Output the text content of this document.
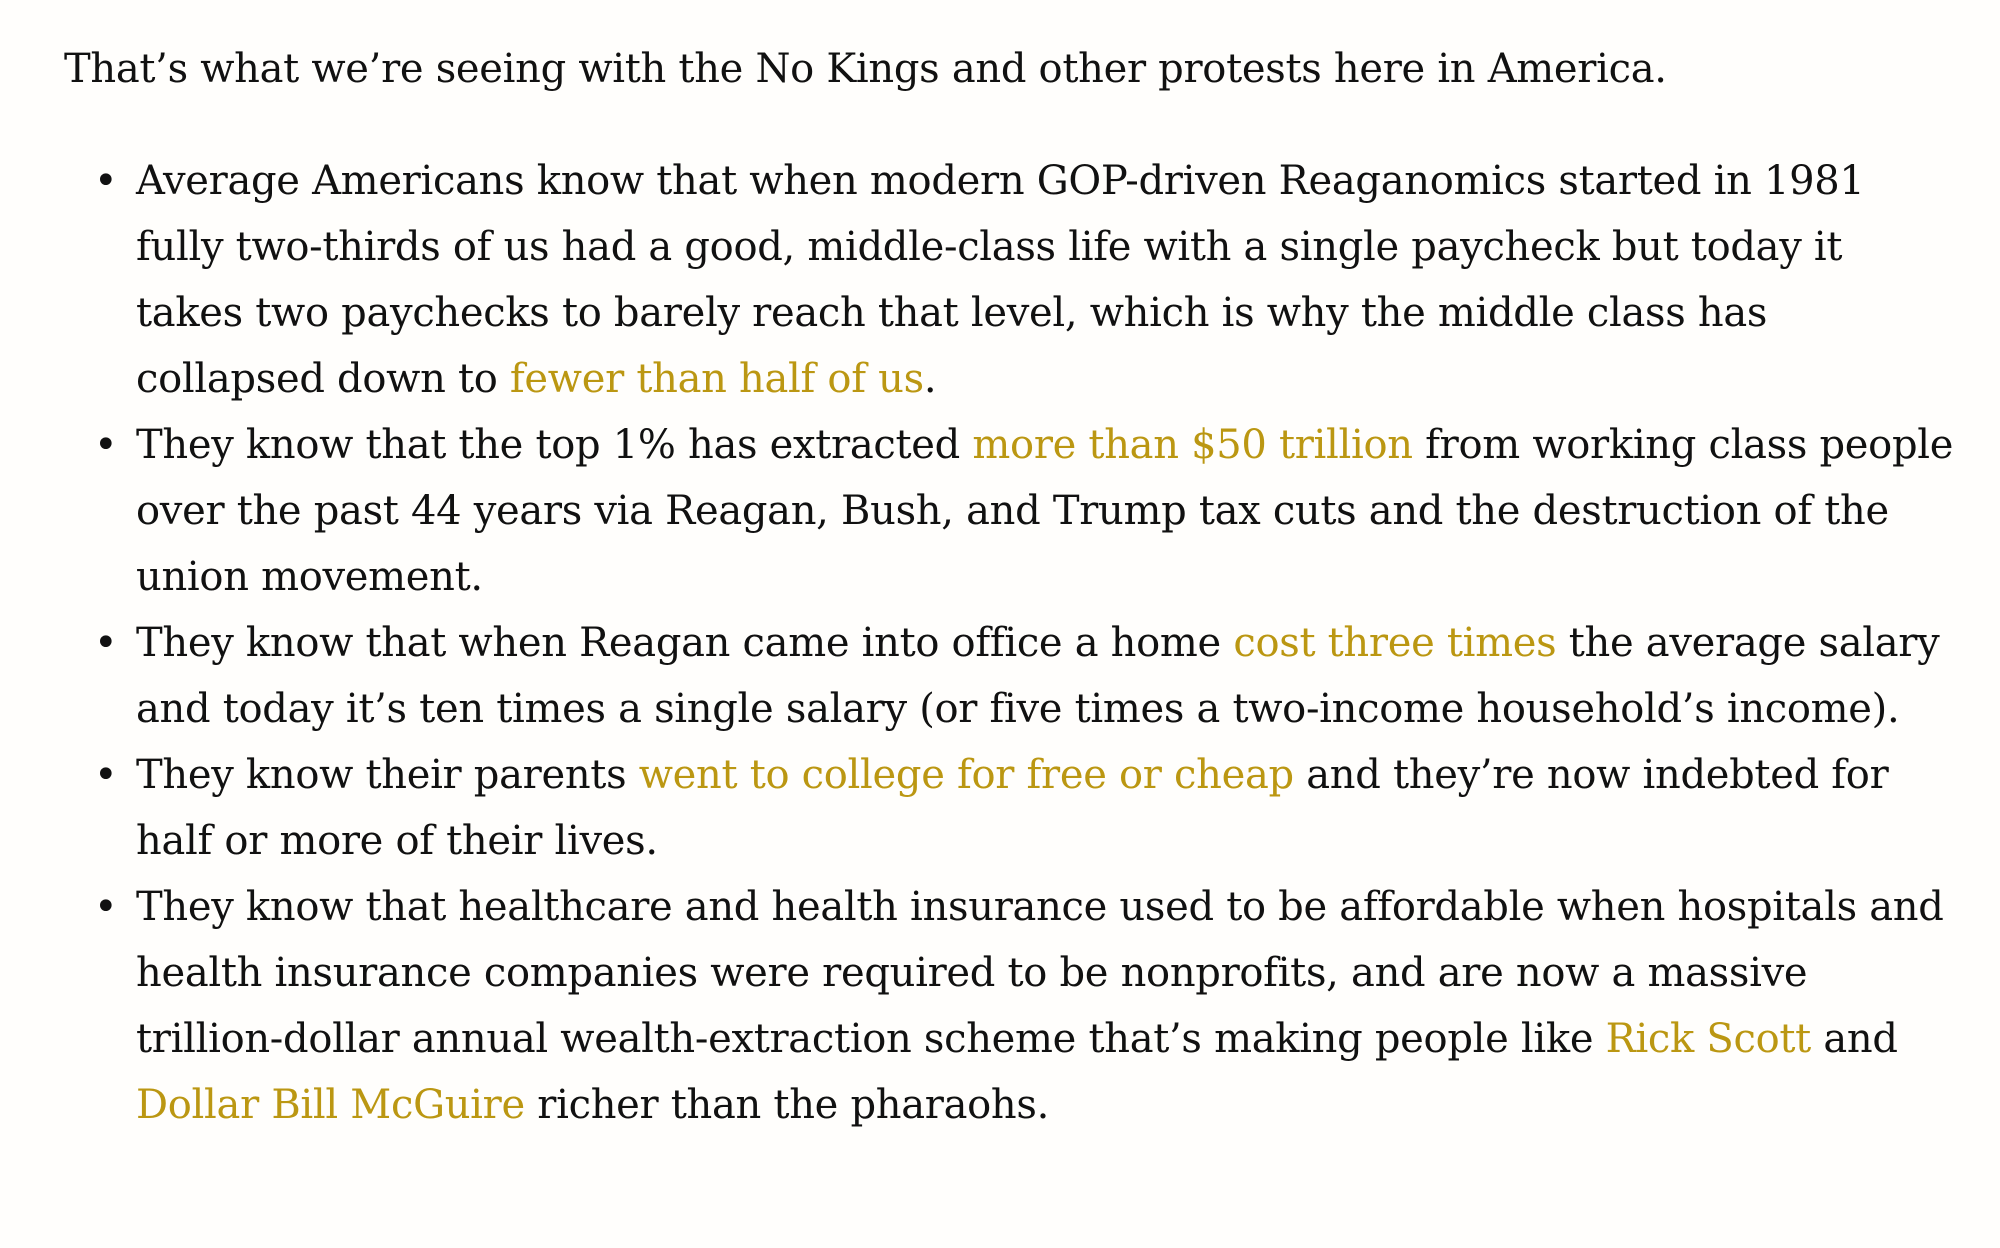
That’s what we’re seeing with the No Kings and other protests here in America.

• Average Americans know that when modern GOP-driven Reaganomics started in 1981 fully two-thirds of us had a good, middle-class life with a single paycheck but today it takes two paychecks to barely reach that level, which is why the middle class has collapsed down to fewer than half of us.
• They know that the top 1% has extracted more than $50 trillion from working class people over the past 44 years via Reagan, Bush, and Trump tax cuts and the destruction of the union movement.
• They know that when Reagan came into office a home cost three times the average salary and today it’s ten times a single salary (or five times a two-income household’s income).
• They know their parents went to college for free or cheap and they’re now indebted for half or more of their lives.
• They know that healthcare and health insurance used to be affordable when hospitals and health insurance companies were required to be nonprofits, and are now a massive trillion-dollar annual wealth-extraction scheme that’s making people like Rick Scott and Dollar Bill McGuire richer than the pharaohs.
